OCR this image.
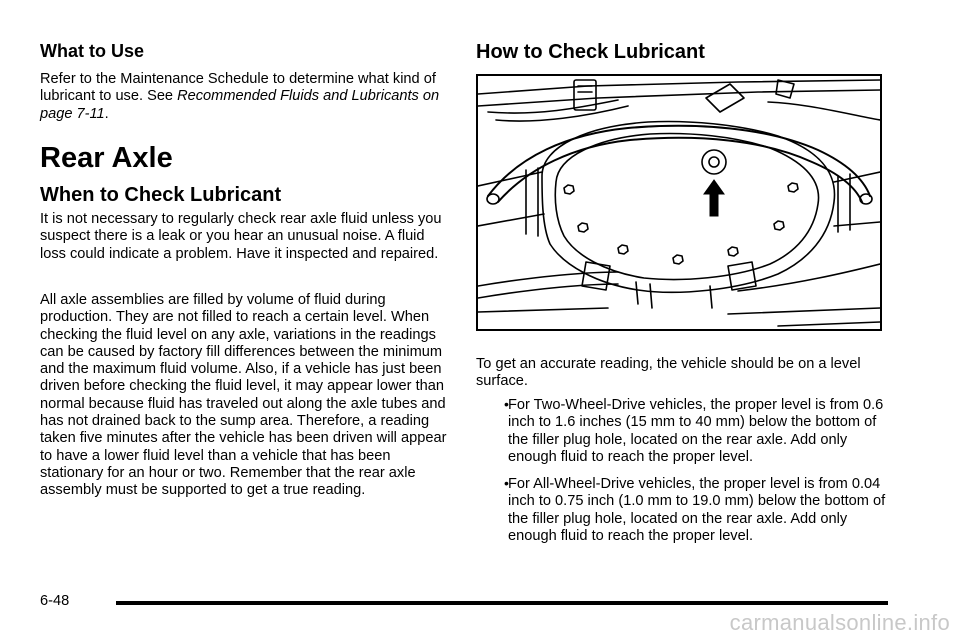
What to Use

Refer to the Maintenance Schedule to determine what kind of lubricant to use. See Recommended Fluids and Lubricants on page 7-11.

Rear Axle
When to Check Lubricant

It is not necessary to regularly check rear axle fluid unless you suspect there is a leak or you hear an unusual noise. A fluid loss could indicate a problem. Have it inspected and repaired.

All axle assemblies are filled by volume of fluid during production. They are not filled to reach a certain level. When checking the fluid level on any axle, variations in the readings can be caused by factory fill differences between the minimum and the maximum fluid volume. Also, if a vehicle has just been driven before checking the fluid level, it may appear lower than normal because fluid has traveled out along the axle tubes and has not drained back to the sump area. Therefore, a reading taken five minutes after the vehicle has been driven will appear to have a lower fluid level than a vehicle that has been stationary for an hour or two. Remember that the rear axle assembly must be supported to get a true reading.

How to Check Lubricant

To get an accurate reading, the vehicle should be on a level surface.

• For Two-Wheel-Drive vehicles, the proper level is from 0.6 inch to 1.6 inches (15 mm to 40 mm) below the bottom of the filler plug hole, located on the rear axle. Add only enough fluid to reach the proper level.

• For All-Wheel-Drive vehicles, the proper level is from 0.04 inch to 0.75 inch (1.0 mm to 19.0 mm) below the bottom of the filler plug hole, located on the rear axle. Add only enough fluid to reach the proper level.

6-48
carmanualsonline.info
